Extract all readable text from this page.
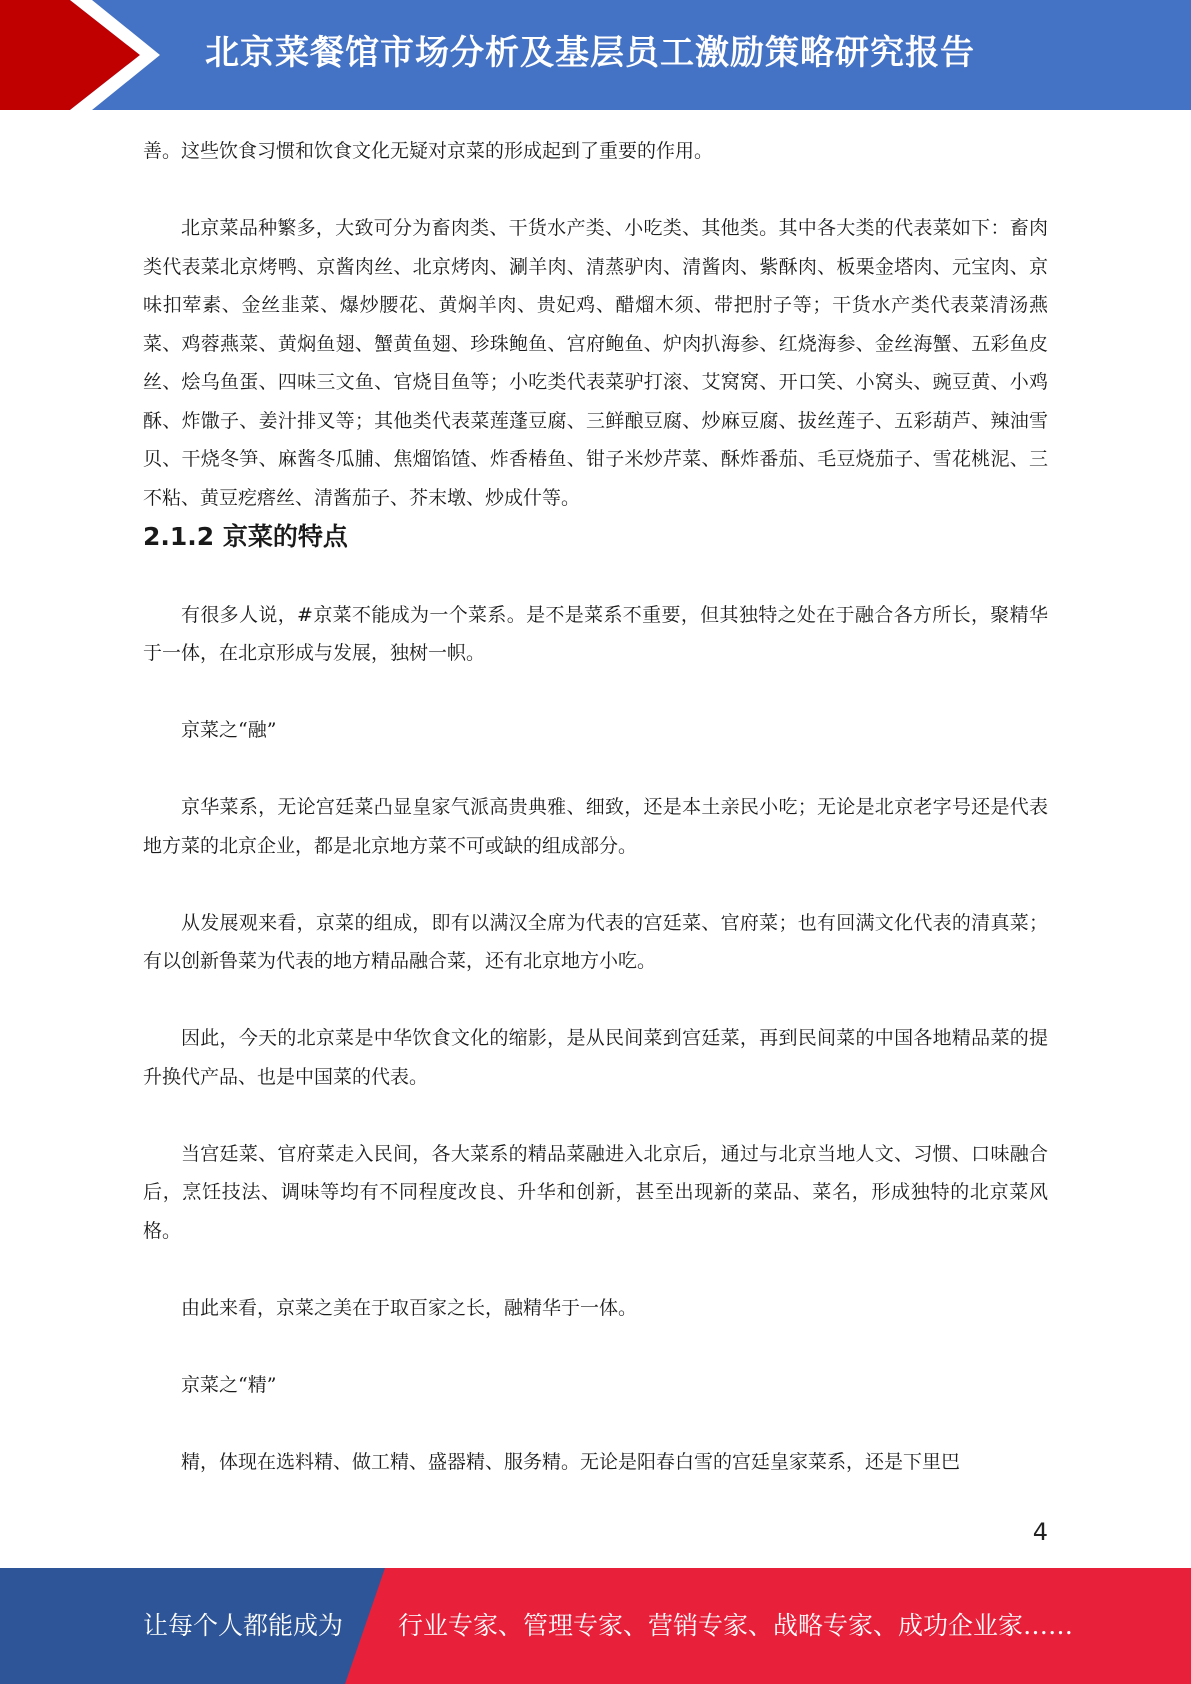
北京菜餐馆市场分析及基层员工激励策略研究报告

善。这些饮食习惯和饮食文化无疑对京菜的形成起到了重要的作用。

北京菜品种繁多，大致可分为畜肉类、干货水产类、小吃类、其他类。其中各大类的代表菜如下：畜肉类代表菜北京烤鸭、京酱肉丝、北京烤肉、涮羊肉、清蒸驴肉、清酱肉、紫酥肉、板栗金塔肉、元宝肉、京味扣荤素、金丝韭菜、爆炒腰花、黄焖羊肉、贵妃鸡、醋熘木须、带把肘子等；干货水产类代表菜清汤燕菜、鸡蓉燕菜、黄焖鱼翅、蟹黄鱼翅、珍珠鲍鱼、宫府鲍鱼、炉肉扒海参、红烧海参、金丝海蟹、五彩鱼皮丝、烩乌鱼蛋、四味三文鱼、官烧目鱼等；小吃类代表菜驴打滚、艾窝窝、开口笑、小窝头、豌豆黄、小鸡酥、炸馓子、姜汁排叉等；其他类代表菜莲蓬豆腐、三鲜酿豆腐、炒麻豆腐、拔丝莲子、五彩葫芦、辣油雪贝、干烧冬笋、麻酱冬瓜脯、焦熘馅馇、炸香椿鱼、钳子米炒芹菜、酥炸番茄、毛豆烧茄子、雪花桃泥、三不粘、黄豆疙瘩丝、清酱茄子、芥末墩、炒成什等。

2.1.2 京菜的特点

有很多人说，#京菜不能成为一个菜系。是不是菜系不重要，但其独特之处在于融合各方所长，聚精华于一体，在北京形成与发展，独树一帜。

京菜之“融”

京华菜系，无论宫廷菜凸显皇家气派高贵典雅、细致，还是本土亲民小吃；无论是北京老字号还是代表地方菜的北京企业，都是北京地方菜不可或缺的组成部分。

从发展观来看，京菜的组成，即有以满汉全席为代表的宫廷菜、官府菜；也有回满文化代表的清真菜；有以创新鲁菜为代表的地方精品融合菜，还有北京地方小吃。

因此，今天的北京菜是中华饮食文化的缩影，是从民间菜到宫廷菜，再到民间菜的中国各地精品菜的提升换代产品、也是中国菜的代表。

当宫廷菜、官府菜走入民间，各大菜系的精品菜融进入北京后，通过与北京当地人文、习惯、口味融合后，烹饪技法、调味等均有不同程度改良、升华和创新，甚至出现新的菜品、菜名，形成独特的北京菜风格。

由此来看，京菜之美在于取百家之长，融精华于一体。

京菜之“精”

精，体现在选料精、做工精、盛器精、服务精。无论是阳春白雪的宫廷皇家菜系，还是下里巴

4
让每个人都能成为 行业专家、管理专家、营销专家、战略专家、成功企业家……
